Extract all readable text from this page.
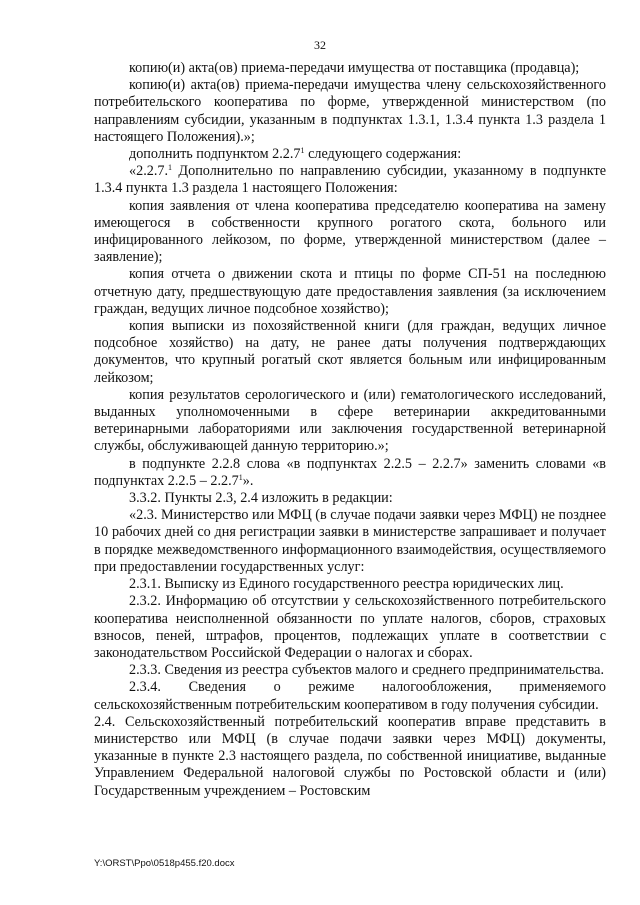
32

копию(и) акта(ов) приема-передачи имущества от поставщика (продавца);

копию(и) акта(ов) приема-передачи имущества члену сельскохозяйственного потребительского кооператива по форме, утвержденной министерством (по направлениям субсидии, указанным в подпунктах 1.3.1, 1.3.4 пункта 1.3 раздела 1 настоящего Положения).»;

дополнить подпунктом 2.2.7$^1$ следующего содержания:

«2.2.7.$^1$ Дополнительно по направлению субсидии, указанному в подпункте 1.3.4 пункта 1.3 раздела 1 настоящего Положения:

копия заявления от члена кооператива председателю кооператива на замену имеющегося в собственности крупного рогатого скота, больного или инфицированного лейкозом, по форме, утвержденной министерством (далее – заявление);

копия отчета о движении скота и птицы по форме СП-51 на последнюю отчетную дату, предшествующую дате предоставления заявления (за исключением граждан, ведущих личное подсобное хозяйство);

копия выписки из похозяйственной книги (для граждан, ведущих личное подсобное хозяйство) на дату, не ранее даты получения подтверждающих документов, что крупный рогатый скот является больным или инфицированным лейкозом;

копия результатов серологического и (или) гематологического исследований, выданных уполномоченными в сфере ветеринарии аккредитованными ветеринарными лабораториями или заключения государственной ветеринарной службы, обслуживающей данную территорию.»;

в подпункте 2.2.8 слова «в подпунктах 2.2.5 – 2.2.7» заменить словами «в подпунктах 2.2.5 – 2.2.7$^1$».

3.3.2. Пункты 2.3, 2.4 изложить в редакции:

«2.3. Министерство или МФЦ (в случае подачи заявки через МФЦ) не позднее 10 рабочих дней со дня регистрации заявки в министерстве запрашивает и получает в порядке межведомственного информационного взаимодействия, осуществляемого при предоставлении государственных услуг:

2.3.1. Выписку из Единого государственного реестра юридических лиц.

2.3.2. Информацию об отсутствии у сельскохозяйственного потребительского кооператива неисполненной обязанности по уплате налогов, сборов, страховых взносов, пеней, штрафов, процентов, подлежащих уплате в соответствии с законодательством Российской Федерации о налогах и сборах.

2.3.3. Сведения из реестра субъектов малого и среднего предпринимательства.

2.3.4. Сведения о режиме налогообложения, применяемого сельскохозяйственным потребительским кооперативом в году получения субсидии.

2.4. Сельскохозяйственный потребительский кооператив вправе представить в министерство или МФЦ (в случае подачи заявки через МФЦ) документы, указанные в пункте 2.3 настоящего раздела, по собственной инициативе, выданные Управлением Федеральной налоговой службы по Ростовской области и (или) Государственным учреждением – Ростовским

Y:\ORST\Ppo\0518p455.f20.docx
